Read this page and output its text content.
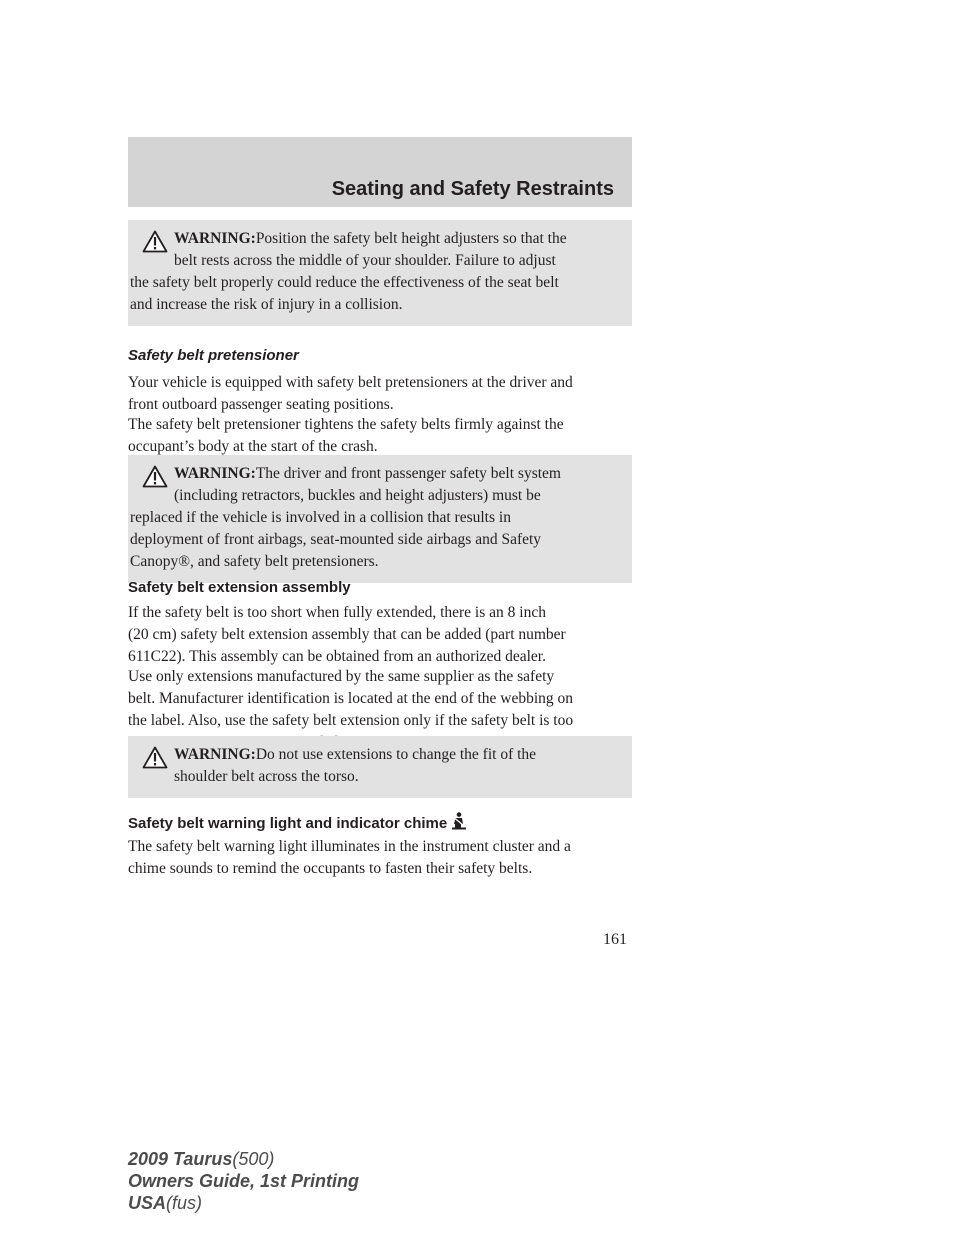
Seating and Safety Restraints
WARNING:Position the safety belt height adjusters so that the
belt rests across the middle of your shoulder. Failure to adjust
the safety belt properly could reduce the effectiveness of the seat belt
and increase the risk of injury in a collision.
Safety belt pretensioner
Your vehicle is equipped with safety belt pretensioners at the driver and
front outboard passenger seating positions.
The safety belt pretensioner tightens the safety belts firmly against the
occupant’s body at the start of the crash.
WARNING:The driver and front passenger safety belt system
(including retractors, buckles and height adjusters) must be
replaced if the vehicle is involved in a collision that results in
deployment of front airbags, seat-mounted side airbags and Safety
Canopy®, and safety belt pretensioners.
Safety belt extension assembly
If the safety belt is too short when fully extended, there is an 8 inch
(20 cm) safety belt extension assembly that can be added (part number
611C22). This assembly can be obtained from an authorized dealer.
Use only extensions manufactured by the same supplier as the safety
belt. Manufacturer identification is located at the end of the webbing on
the label. Also, use the safety belt extension only if the safety belt is too
WARNING:Do not use extensions to change the fit of the
shoulder belt across the torso.
Safety belt warning light and indicator chime
The safety belt warning light illuminates in the instrument cluster and a
chime sounds to remind the occupants to fasten their safety belts.
161
2009 Taurus(500)
Owners Guide, 1st Printing
USA(fus)
